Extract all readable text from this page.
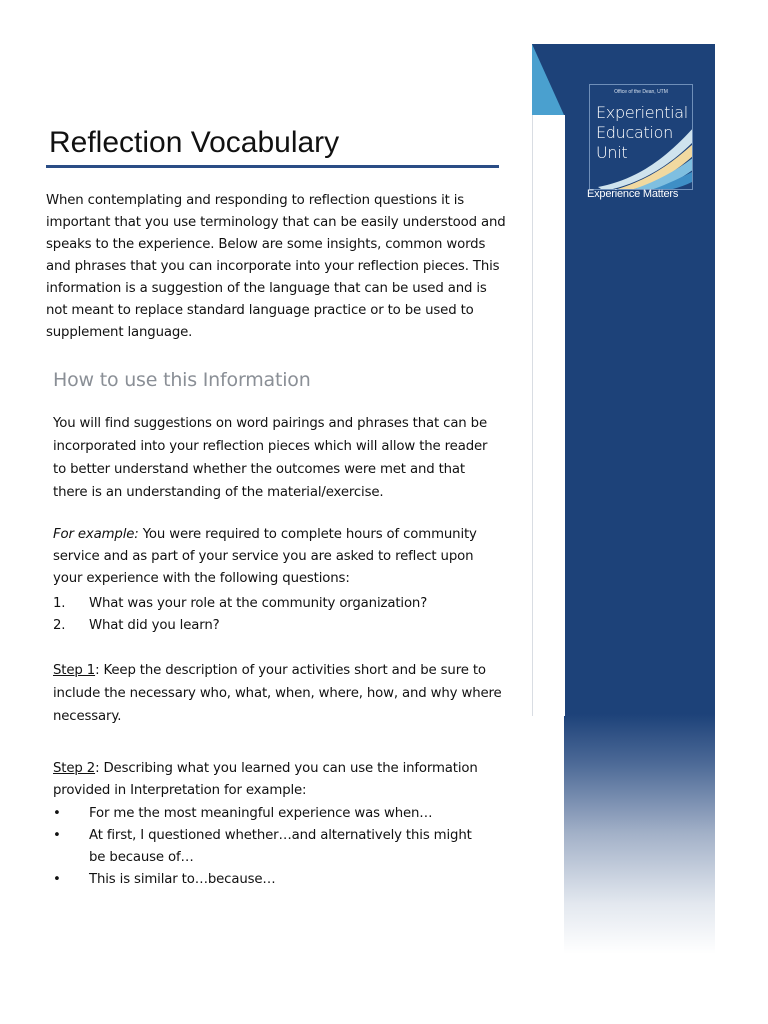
Office of the Dean, UTM
Experiential
Education
Unit
Experience Matters
Reflection Vocabulary
When contemplating and responding to reflection questions it is important that you use terminology that can be easily understood and speaks to the experience. Below are some insights, common words and phrases that you can incorporate into your reflection pieces. This information is a suggestion of the language that can be used and is not meant to replace standard language practice or to be used to supplement language.
How to use this Information
You will find suggestions on word pairings and phrases that can be incorporated into your reflection pieces which will allow the reader to better understand whether the outcomes were met and that there is an understanding of the material/exercise.
For example: You were required to complete hours of community service and as part of your service you are asked to reflect upon your experience with the following questions:
1. What was your role at the community organization?
2. What did you learn?
Step 1: Keep the description of your activities short and be sure to include the necessary who, what, when, where, how, and why where necessary.
Step 2: Describing what you learned you can use the information provided in Interpretation for example:
• For me the most meaningful experience was when…
• At first, I questioned whether…and alternatively this might be because of…
• This is similar to…because…
